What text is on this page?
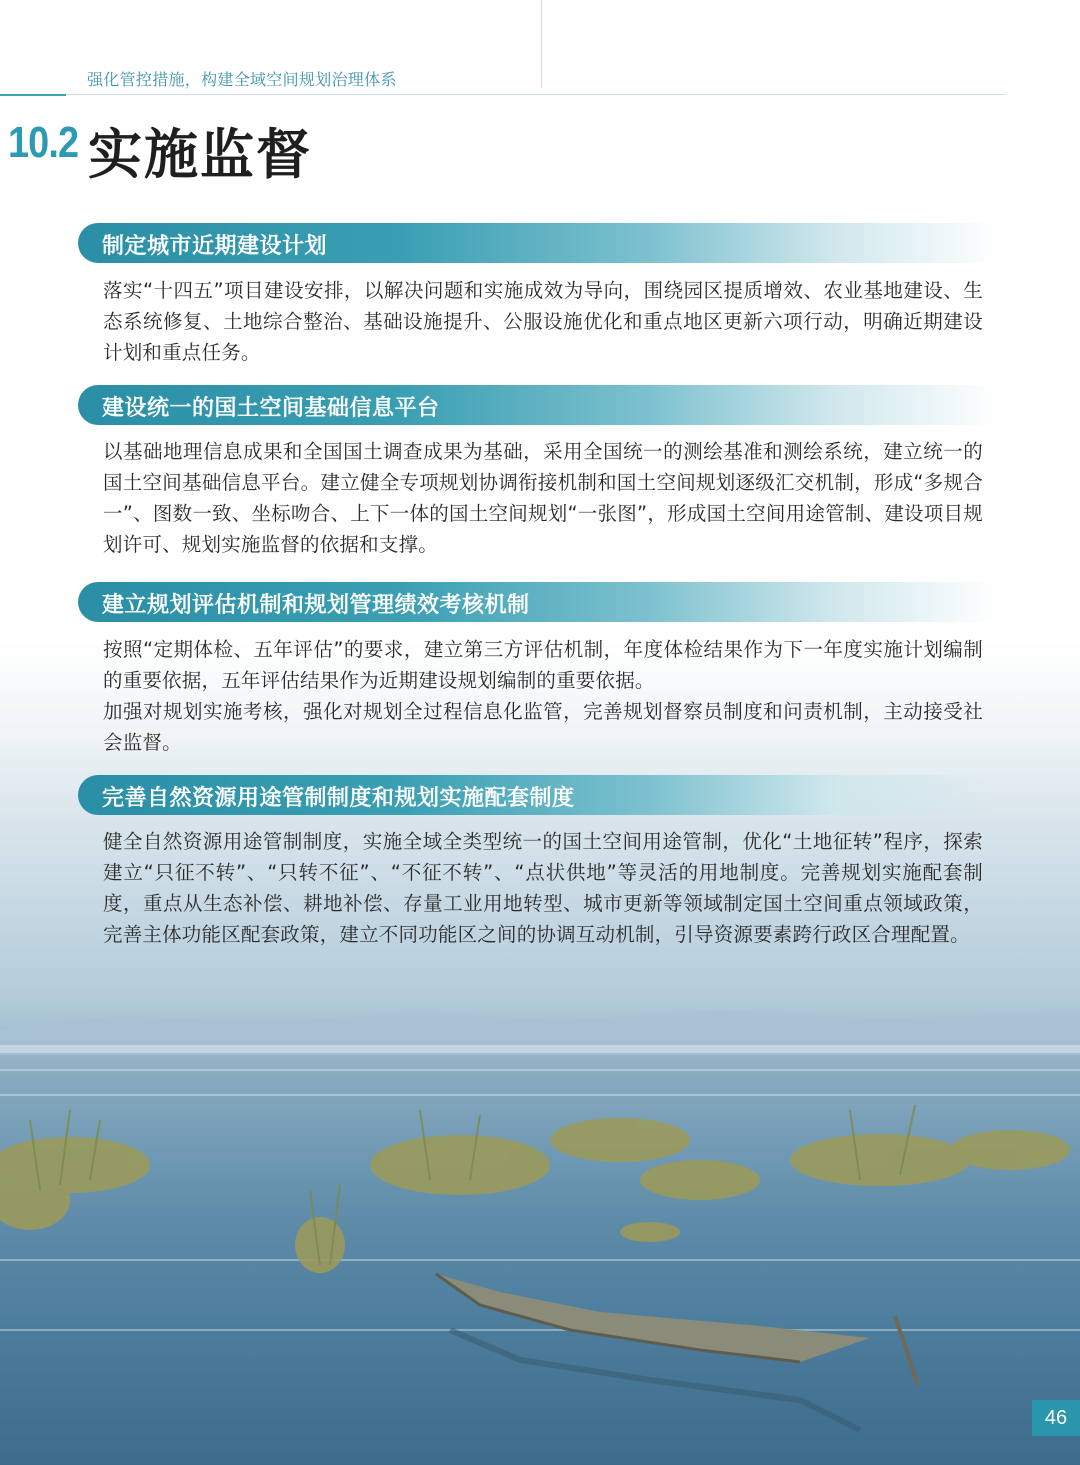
强化管控措施，构建全域空间规划治理体系
10.2 实施监督
制定城市近期建设计划
落实“十四五”项目建设安排，以解决问题和实施成效为导向，围绕园区提质增效、农业基地建设、生态系统修复、土地综合整治、基础设施提升、公服设施优化和重点地区更新六项行动，明确近期建设计划和重点任务。
建设统一的国土空间基础信息平台
以基础地理信息成果和全国国土调查成果为基础，采用全国统一的测绘基准和测绘系统，建立统一的国土空间基础信息平台。建立健全专项规划协调衔接机制和国土空间规划逐级汇交机制，形成“多规合一”、图数一致、坐标吻合、上下一体的国土空间规划“一张图”，形成国土空间用途管制、建设项目规划许可、规划实施监督的依据和支撑。
建立规划评估机制和规划管理绩效考核机制
按照“定期体检、五年评估”的要求，建立第三方评估机制，年度体检结果作为下一年度实施计划编制的重要依据，五年评估结果作为近期建设规划编制的重要依据。
加强对规划实施考核，强化对规划全过程信息化监管，完善规划督察员制度和问责机制，主动接受社会监督。
完善自然资源用途管制制度和规划实施配套制度
健全自然资源用途管制制度，实施全域全类型统一的国土空间用途管制，优化“土地征转”程序，探索建立“只征不转”、“只转不征”、“不征不转”、“点状供地”等灵活的用地制度。完善规划实施配套制度，重点从生态补偿、耕地补偿、存量工业用地转型、城市更新等领域制定国土空间重点领域政策，完善主体功能区配套政策，建立不同功能区之间的协调互动机制，引导资源要素跨行政区合理配置。
46
